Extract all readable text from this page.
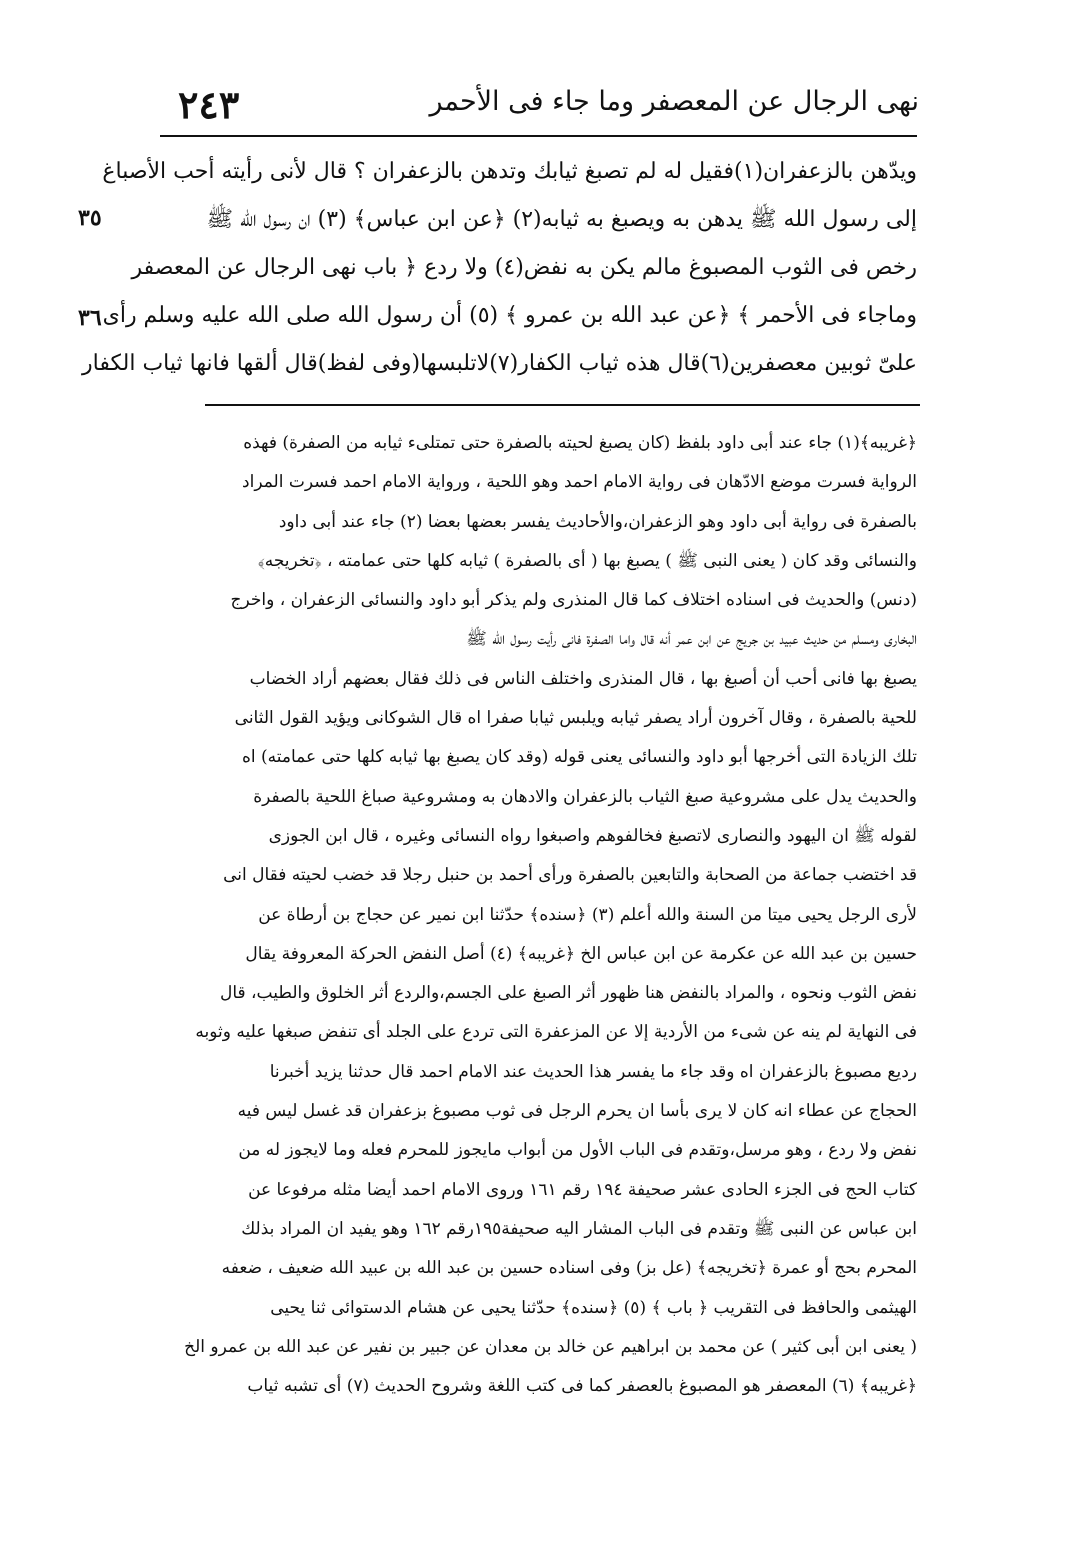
٢٤٣	نهى الرجال عن المعصفر وما جاء فى الأحمر
٣٥
٣٦
ويدّهن بالزعفران(١)فقيل له لم تصبغ ثيابك وتدهن بالزعفران ؟ قال لأنى رأيته أحب الأصباغ
إلى رسول الله ﷺ يدهن به ويصبغ به ثيابه(٢) ﴿عن ابن عباس﴾ (٣) ان رسول الله ﷺ
رخص فى الثوب المصبوغ مالم يكن به نفض(٤) ولا ردع ﴿ باب نهى الرجال عن المعصفر
وماجاء فى الأحمر ﴾ ﴿عن عبد الله بن عمرو ﴾ (٥) أن رسول الله صلى الله عليه وسلم رأى
علىّ ثوبين معصفرين(٦)قال هذه ثياب الكفار(٧)لاتلبسها(وفى لفظ)قال ألقها فانها ثياب الكفار
﴿غريبه﴾(١) جاء عند أبى داود بلفظ (كان يصبغ لحيته بالصفرة حتى تمتلىء ثيابه من الصفرة) فهذه
الرواية فسرت موضع الادّهان فى رواية الامام احمد وهو اللحية ، ورواية الامام احمد فسرت المراد
بالصفرة فى رواية أبى داود وهو الزعفران،والأحاديث يفسر بعضها بعضا (٢) جاء عند أبى داود
والنسائى وقد كان ( يعنى النبى ﷺ ) يصبغ بها ( أى بالصفرة ) ثيابه كلها حتى عمامته ، ﴿تخريجه﴾
(دنس) والحديث فى اسناده اختلاف كما قال المنذرى ولم يذكر أبو داود والنسائى الزعفران ، واخرج
البخارى ومسلم من حديث عبيد بن جريج عن ابن عمر أنه قال واما الصفرة فانى رأيت رسول الله ﷺ
يصبغ بها فانى أحب أن أصبغ بها ، قال المنذرى واختلف الناس فى ذلك فقال بعضهم أراد الخضاب
للحية بالصفرة ، وقال آخرون أراد يصفر ثيابه ويلبس ثيابا صفرا اه قال الشوكانى ويؤيد القول الثانى
تلك الزيادة التى أخرجها أبو داود والنسائى يعنى قوله (وقد كان يصبغ بها ثيابه كلها حتى عمامته) اه
والحديث يدل على مشروعية صبغ الثياب بالزعفران والادهان به ومشروعية صباغ اللحية بالصفرة
لقوله ﷺ ان اليهود والنصارى لاتصبغ فخالفوهم واصبغوا رواه النسائى وغيره ، قال ابن الجوزى
قد اختضب جماعة من الصحابة والتابعين بالصفرة ورأى أحمد بن حنبل رجلا قد خضب لحيته فقال انى
لأرى الرجل يحيى ميتا من السنة والله أعلم (٣) ﴿سنده﴾ حدّثنا ابن نمير عن حجاج بن أرطاة عن
حسين بن عبد الله عن عكرمة عن ابن عباس الخ ﴿غريبه﴾ (٤) أصل النفض الحركة المعروفة يقال
نفض الثوب ونحوه ، والمراد بالنفض هنا ظهور أثر الصبغ على الجسم،والردع أثر الخلوق والطيب، قال
فى النهاية لم ينه عن شىء من الأردية إلا عن المزعفرة التى تردع على الجلد أى تنفض صبغها عليه وثوبه
رديع مصبوغ بالزعفران اه وقد جاء ما يفسر هذا الحديث عند الامام احمد قال حدثنا يزيد أخبرنا
الحجاج عن عطاء انه كان لا يرى بأسا ان يحرم الرجل فى ثوب مصبوغ بزعفران قد غسل ليس فيه
نفض ولا ردع ، وهو مرسل،وتقدم فى الباب الأول من أبواب مايجوز للمحرم فعله وما لايجوز له من
كتاب الحج فى الجزء الحادى عشر صحيفة ١٩٤ رقم ١٦١ وروى الامام احمد أيضا مثله مرفوعا عن
ابن عباس عن النبى ﷺ وتقدم فى الباب المشار اليه صحيفة١٩٥رقم ١٦٢ وهو يفيد ان المراد بذلك
المحرم بحج أو عمرة ﴿تخريجه﴾ (عل بز) وفى اسناده حسين بن عبد الله بن عبيد الله ضعيف ، ضعفه
الهيثمى والحافظ فى التقريب ﴿ باب ﴾ (٥) ﴿سنده﴾ حدّثنا يحيى عن هشام الدستوائى ثنا يحيى
( يعنى ابن أبى كثير ) عن محمد بن ابراهيم عن خالد بن معدان عن جبير بن نفير عن عبد الله بن عمرو الخ
﴿غريبه﴾ (٦) المعصفر هو المصبوغ بالعصفر كما فى كتب اللغة وشروح الحديث (٧) أى تشبه ثياب
